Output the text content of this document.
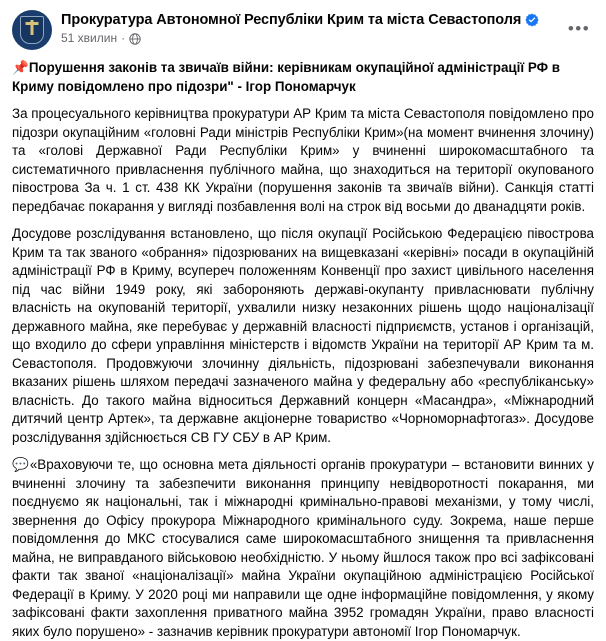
Прокуратура Автономної Республіки Крим та міста Севастополя
51 хвилин ·	•••

📌Порушення законів та звичаїв війни: керівникам окупаційної адміністрації РФ в Криму повідомлено про підозри" - Ігор Пономарчук

За процесуального керівництва прокуратури АР Крим та міста Севастополя повідомлено про підозри окупаційним «головні Ради міністрів Республіки Крим»(на момент вчинення злочину) та «голові Державної Ради Республіки Крим» у вчиненні широкомасштабного та систематичного привласнення публічного майна, що знаходиться на території окупованого півострова За ч. 1 ст. 438 КК України (порушення законів та звичаїв війни). Санкція статті передбачає покарання у вигляді позбавлення волі на строк від восьми до дванадцяти років.

Досудове розслідування встановлено, що після окупації Російською Федерацією півострова Крим та так званого «обрання» підозрюваних на вищевказані «керівні» посади в окупаційній адміністрації РФ в Криму, всупереч положенням Конвенції про захист цивільного населення під час війни 1949 року, які забороняють державі-окупанту привласнювати публічну власність на окупованій території, ухвалили низку незаконних рішень щодо націоналізації державного майна, яке перебуває у державній власності підприємств, установ і організацій, що входило до сфери управління міністерств і відомств України на території АР Крим та м. Севастополя. Продовжуючи злочинну діяльність, підозрювані забезпечували виконання вказаних рішень шляхом передачі зазначеного майна у федеральну або «республіканську» власність. До такого майна відноситься Державний концерн «Масандра», «Міжнародний дитячий центр Артек», та державне акціонерне товариство «Чорноморнафтогаз». Досудове розслідування здійснюється СВ ГУ СБУ в АР Крим.

💬«Враховуючи те, що основна мета діяльності органів прокуратури – встановити винних у вчиненні злочину та забезпечити виконання принципу невідворотності покарання, ми поєднуємо як національні, так і міжнародні кримінально-правові механізми, у тому числі, звернення до Офісу прокурора Міжнародного кримінального суду. Зокрема, наше перше повідомлення до МКС стосувалися саме широкомасштабного знищення та привласнення майна, не виправданого військовою необхідністю. У ньому йшлося також про всі зафіксовані факти так званої «націоналізації» майна України окупаційною адміністрацією Російської Федерації в Криму. У 2020 році ми направили ще одне інформаційне повідомлення, у якому зафіксовані факти захоплення приватного майна 3952 громадян України, право власності яких було порушено» - зазначив керівник прокуратури автономії Ігор Пономарчук.
